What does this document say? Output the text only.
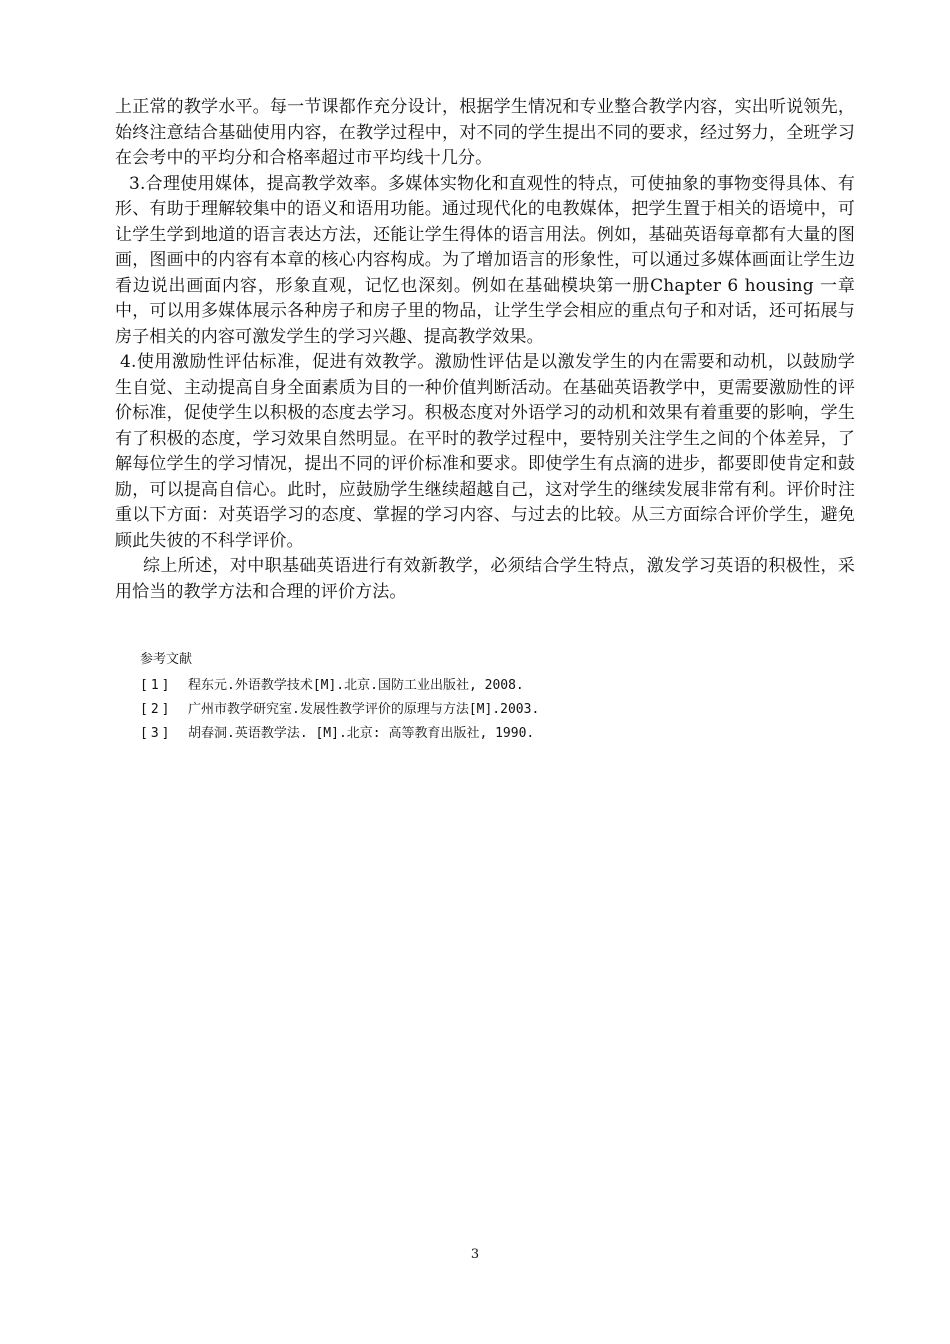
上正常的教学水平。每一节课都作充分设计，根据学生情况和专业整合教学内容，实出听说领先，始终注意结合基础使用内容，在教学过程中，对不同的学生提出不同的要求，经过努力，全班学习在会考中的平均分和合格率超过市平均线十几分。

3.合理使用媒体，提高教学效率。多媒体实物化和直观性的特点，可使抽象的事物变得具体、有形、有助于理解较集中的语义和语用功能。通过现代化的电教媒体，把学生置于相关的语境中，可让学生学到地道的语言表达方法，还能让学生得体的语言用法。例如，基础英语每章都有大量的图画，图画中的内容有本章的核心内容构成。为了增加语言的形象性，可以通过多媒体画面让学生边看边说出画面内容，形象直观，记忆也深刻。例如在基础模块第一册Chapter 6 housing 一章中，可以用多媒体展示各种房子和房子里的物品，让学生学会相应的重点句子和对话，还可拓展与房子相关的内容可激发学生的学习兴趣、提高教学效果。

4.使用激励性评估标准，促进有效教学。激励性评估是以激发学生的内在需要和动机，以鼓励学生自觉、主动提高自身全面素质为目的一种价值判断活动。在基础英语教学中，更需要激励性的评价标准，促使学生以积极的态度去学习。积极态度对外语学习的动机和效果有着重要的影响，学生有了积极的态度，学习效果自然明显。在平时的教学过程中，要特别关注学生之间的个体差异，了解每位学生的学习情况，提出不同的评价标准和要求。即使学生有点滴的进步，都要即使肯定和鼓励，可以提高自信心。此时，应鼓励学生继续超越自己，这对学生的继续发展非常有利。评价时注重以下方面：对英语学习的态度、掌握的学习内容、与过去的比较。从三方面综合评价学生，避免顾此失彼的不科学评价。

综上所述，对中职基础英语进行有效新教学，必须结合学生特点，激发学习英语的积极性，采用恰当的教学方法和合理的评价方法。

参考文献
[1]	程东元.外语教学技术[M].北京.国防工业出版社, 2008.
[2]	广州市教学研究室.发展性教学评价的原理与方法[M].2003.
[3]	胡春洞.英语教学法. [M].北京: 高等教育出版社, 1990.
3
